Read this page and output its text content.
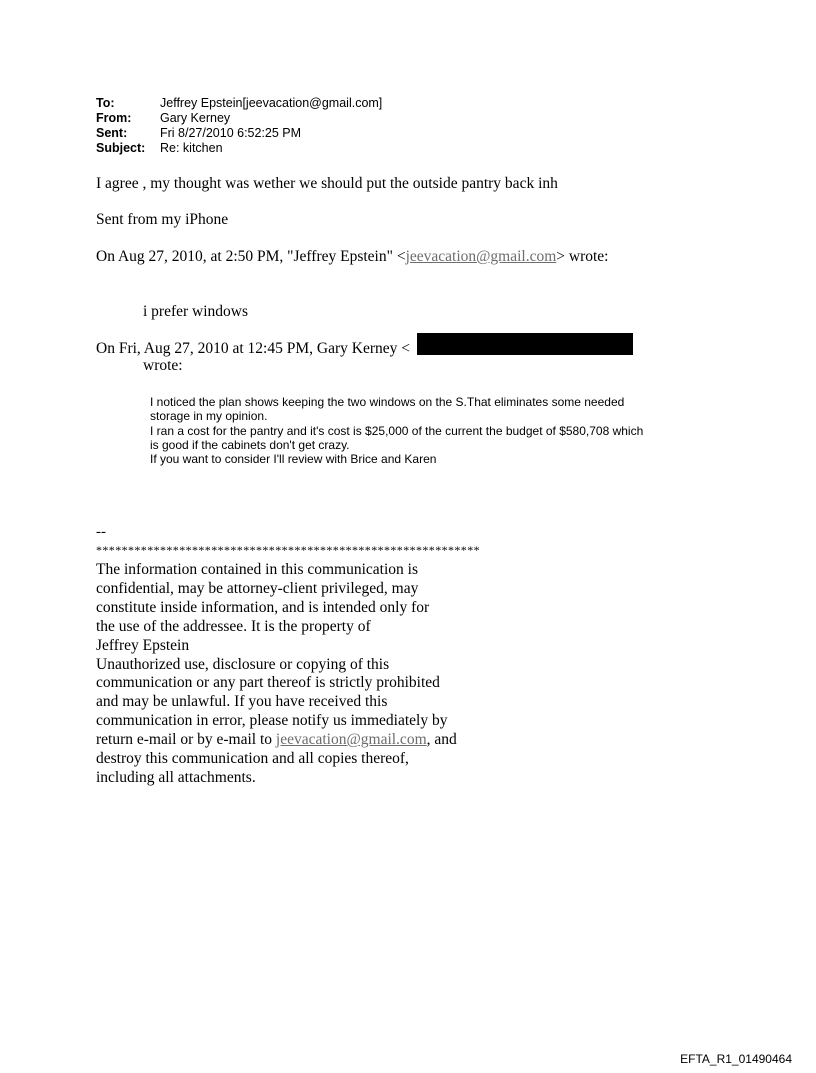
To:	Jeffrey Epstein[jeevacation@gmail.com]
From: Gary Kerney
Sent:	Fri 8/27/2010 6:52:25 PM
Subject: Re: kitchen
I agree , my thought was wether we should put the outside pantry back inh
Sent from my iPhone
On Aug 27, 2010, at 2:50 PM, "Jeffrey Epstein" <jeevacation@gmail.com> wrote:
i prefer windows
On Fri, Aug 27, 2010 at 12:45 PM, Gary Kerney <
wrote:
I noticed the plan shows keeping the two windows on the S.That eliminates some needed
storage in my opinion.
I ran a cost for the pantry and it's cost is $25,000 of the current the budget of $580,708 which
is good if the cabinets don't get crazy.
If you want to consider I'll review with Brice and Karen
--
************************************************************
The information contained in this communication is
confidential, may be attorney-client privileged, may
constitute inside information, and is intended only for
the use of the addressee. It is the property of
Jeffrey Epstein
Unauthorized use, disclosure or copying of this
communication or any part thereof is strictly prohibited
and may be unlawful. If you have received this
communication in error, please notify us immediately by
return e-mail or by e-mail to jeevacation@gmail.com, and
destroy this communication and all copies thereof,
including all attachments.
EFTA_R1_01490464
